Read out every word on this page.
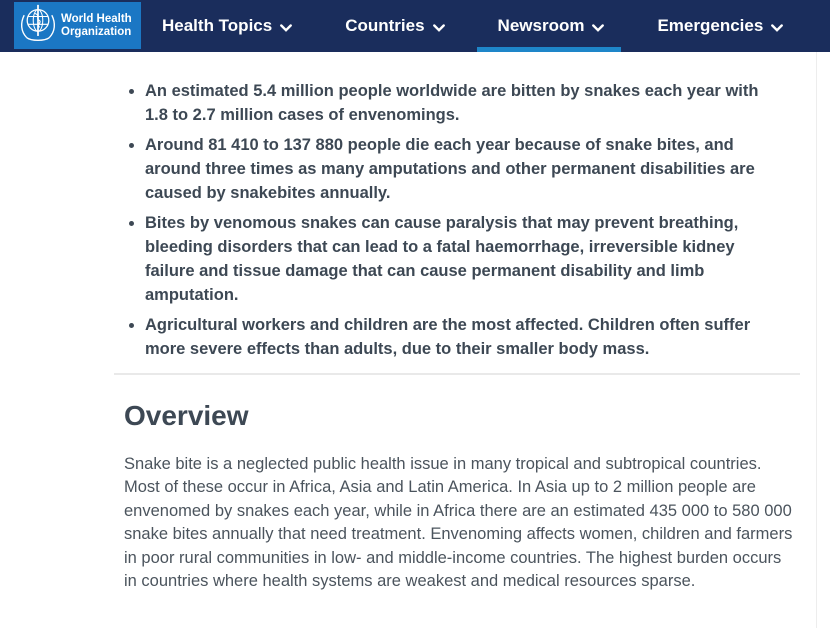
World Health
Organization Health Topics	Countries	Newsroom	Emergencies
An estimated 5.4 million people worldwide are bitten by snakes each year with 1.8 to 2.7 million cases of envenomings.
Around 81 410 to 137 880 people die each year because of snake bites, and around three times as many amputations and other permanent disabilities are caused by snakebites annually.
Bites by venomous snakes can cause paralysis that may prevent breathing, bleeding disorders that can lead to a fatal haemorrhage, irreversible kidney failure and tissue damage that can cause permanent disability and limb amputation.
Agricultural workers and children are the most affected. Children often suffer more severe effects than adults, due to their smaller body mass.
Overview

Snake bite is a neglected public health issue in many tropical and subtropical countries. Most of these occur in Africa, Asia and Latin America. In Asia up to 2 million people are envenomed by snakes each year, while in Africa there are an estimated 435 000 to 580 000 snake bites annually that need treatment. Envenoming affects women, children and farmers in poor rural communities in low- and middle-income countries. The highest burden occurs in countries where health systems are weakest and medical resources sparse.
